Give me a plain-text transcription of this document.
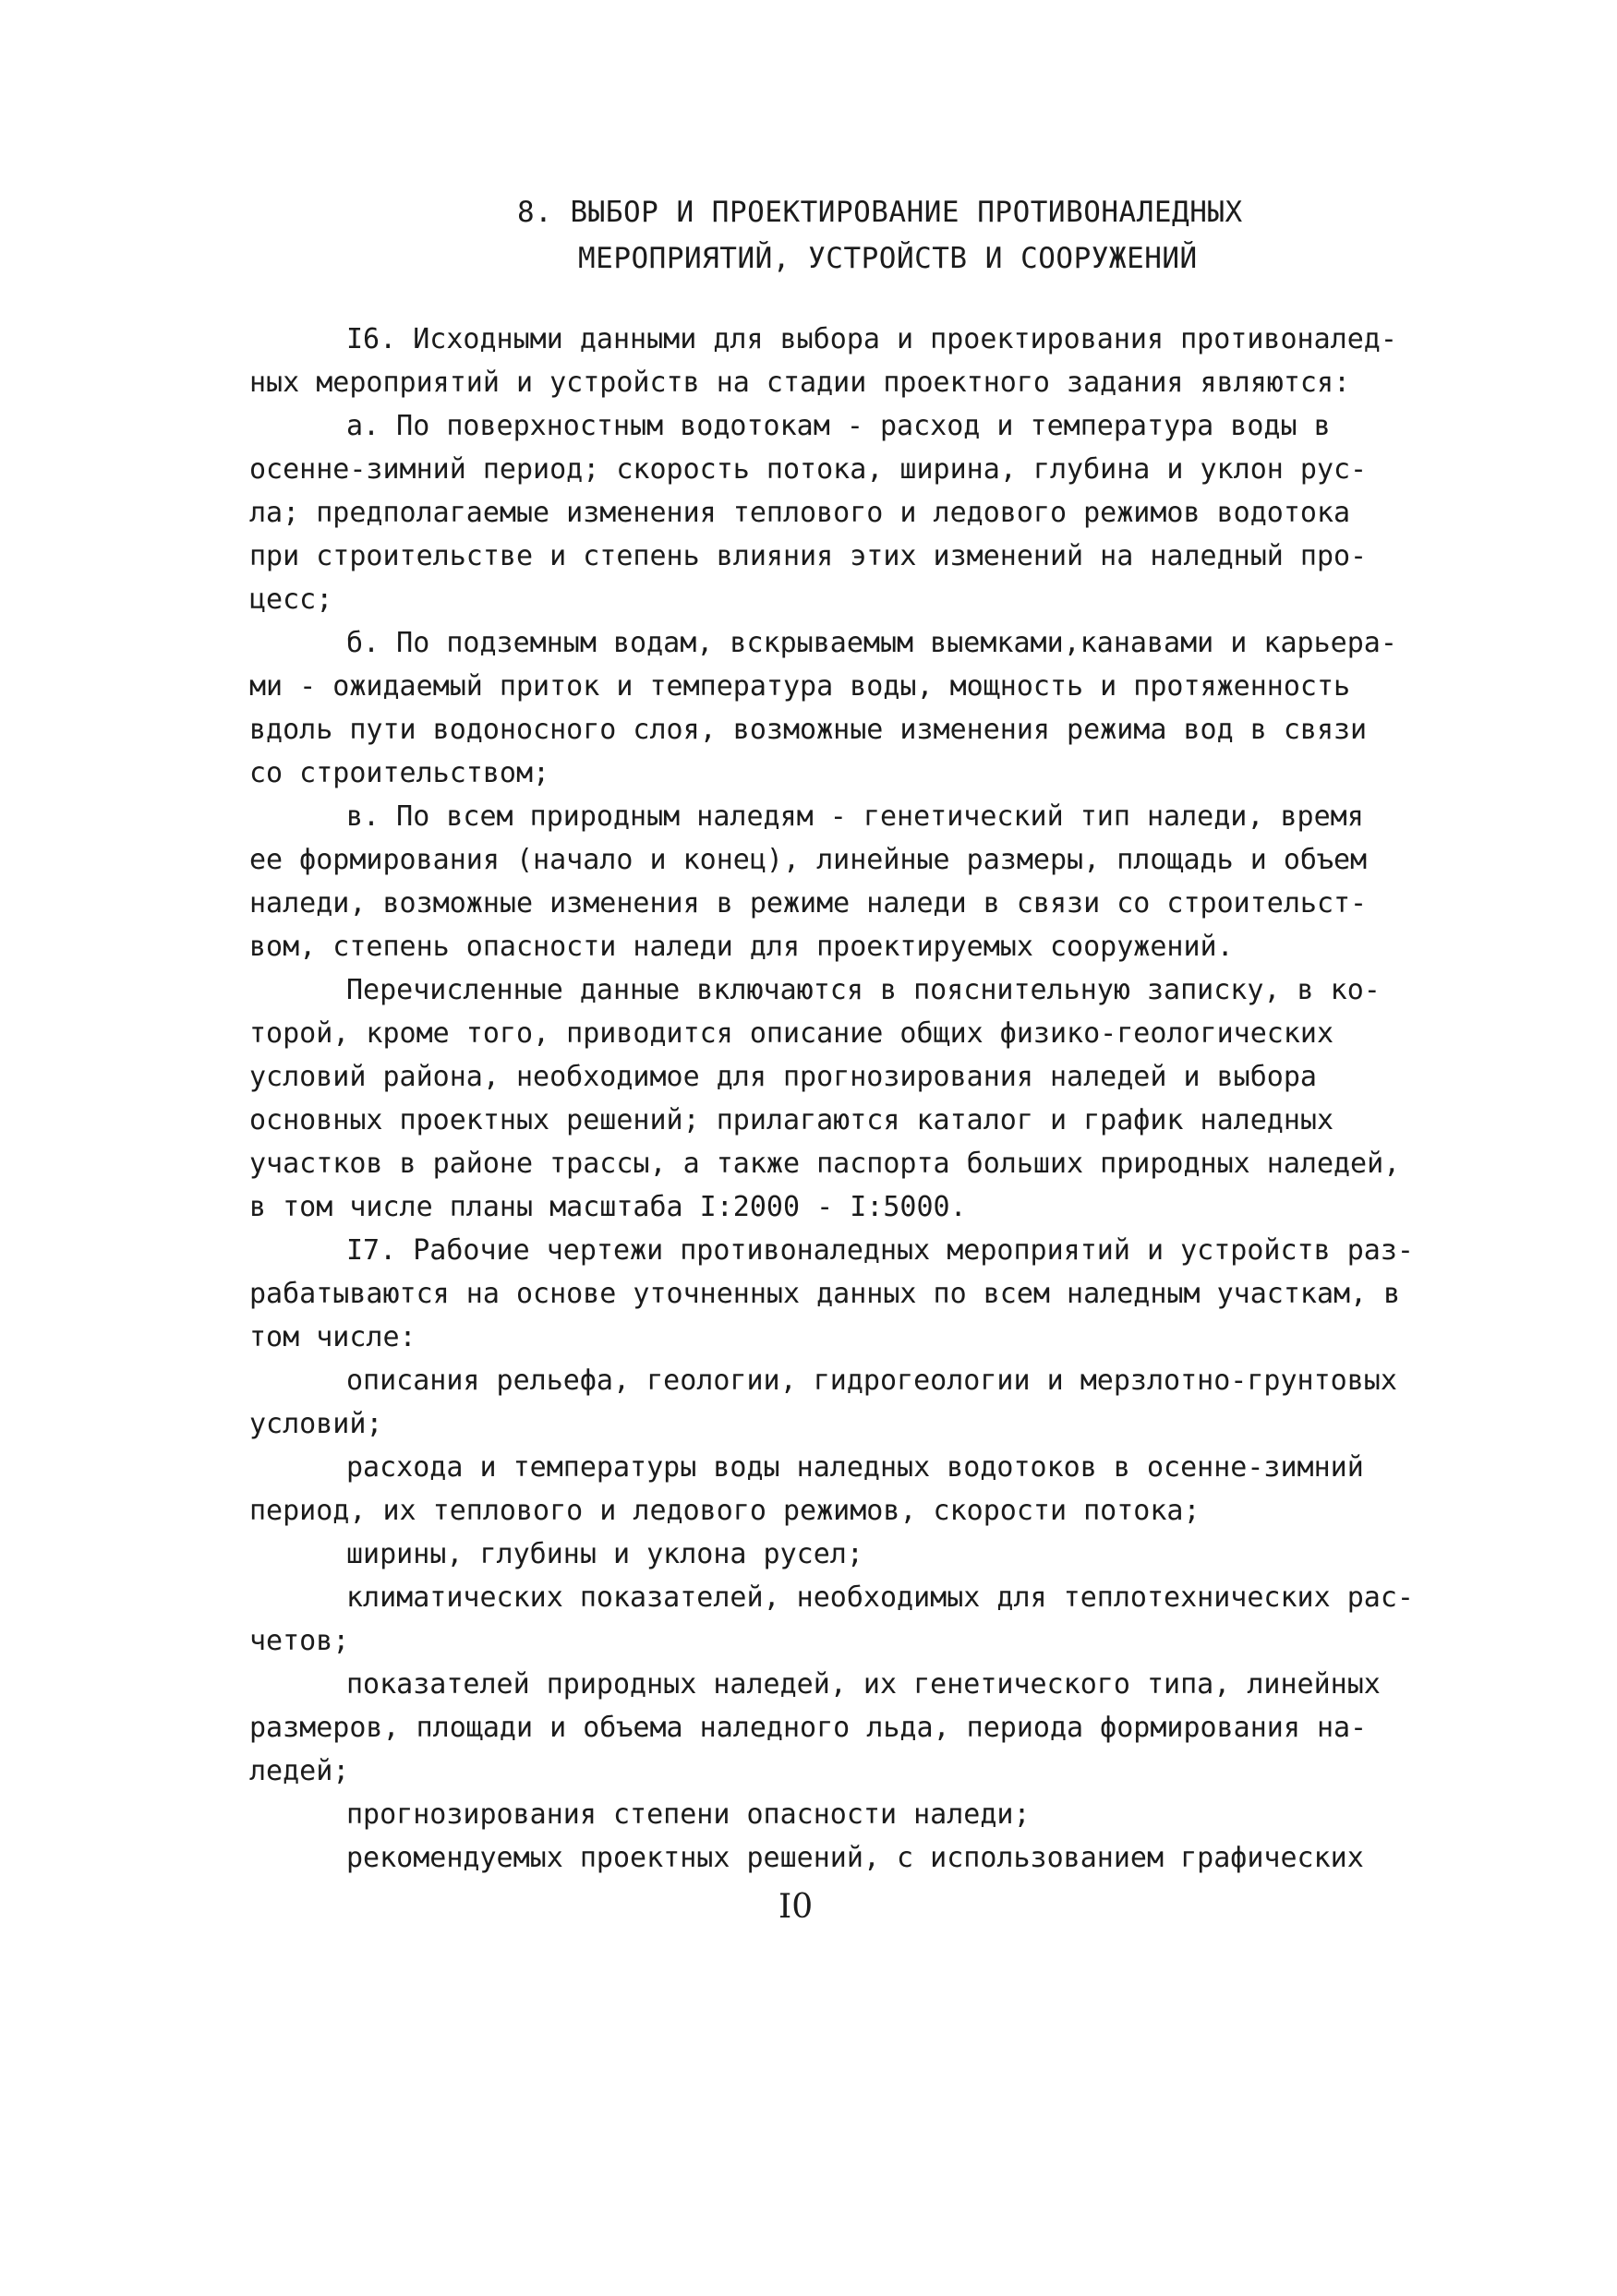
8. ВЫБОР И ПРОЕКТИРОВАНИЕ ПРОТИВОНАЛЕДНЫХ
МЕРОПРИЯТИЙ, УСТРОЙСТВ И СООРУЖЕНИЙ
I6. Исходными данными для выбора и проектирования противоналед-
ных мероприятий и устройств на стадии проектного задания являются:
а. По поверхностным водотокам - расход и температура воды в
осенне-зимний период; скорость потока, ширина, глубина и уклон рус-
ла; предполагаемые изменения теплового и ледового режимов водотока
при строительстве и степень влияния этих изменений на наледный про-
цесс;
б. По подземным водам, вскрываемым выемками,канавами и карьера-
ми - ожидаемый приток и температура воды, мощность и протяженность
вдоль пути водоносного слоя, возможные изменения режима вод в связи
со строительством;
в. По всем природным наледям - генетический тип наледи, время
ее формирования (начало и конец), линейные размеры, площадь и объем
наледи, возможные изменения в режиме наледи в связи со строительст-
вом, степень опасности наледи для проектируемых сооружений.
Перечисленные данные включаются в пояснительную записку, в ко-
торой, кроме того, приводится описание общих физико-геологических
условий района, необходимое для прогнозирования наледей и выбора
основных проектных решений; прилагаются каталог и график наледных
участков в районе трассы, а также паспорта больших природных наледей,
в том числе планы масштаба I:2000 - I:5000.
I7. Рабочие чертежи противоналедных мероприятий и устройств раз-
рабатываются на основе уточненных данных по всем наледным участкам, в
том числе:
описания рельефа, геологии, гидрогеологии и мерзлотно-грунтовых
условий;
расхода и температуры воды наледных водотоков в осенне-зимний
период, их теплового и ледового режимов, скорости потока;
ширины, глубины и уклона русел;
климатических показателей, необходимых для теплотехнических рас-
четов;
показателей природных наледей, их генетического типа, линейных
размеров, площади и объема наледного льда, периода формирования на-
ледей;
прогнозирования степени опасности наледи;
рекомендуемых проектных решений, с использованием графических
I0
